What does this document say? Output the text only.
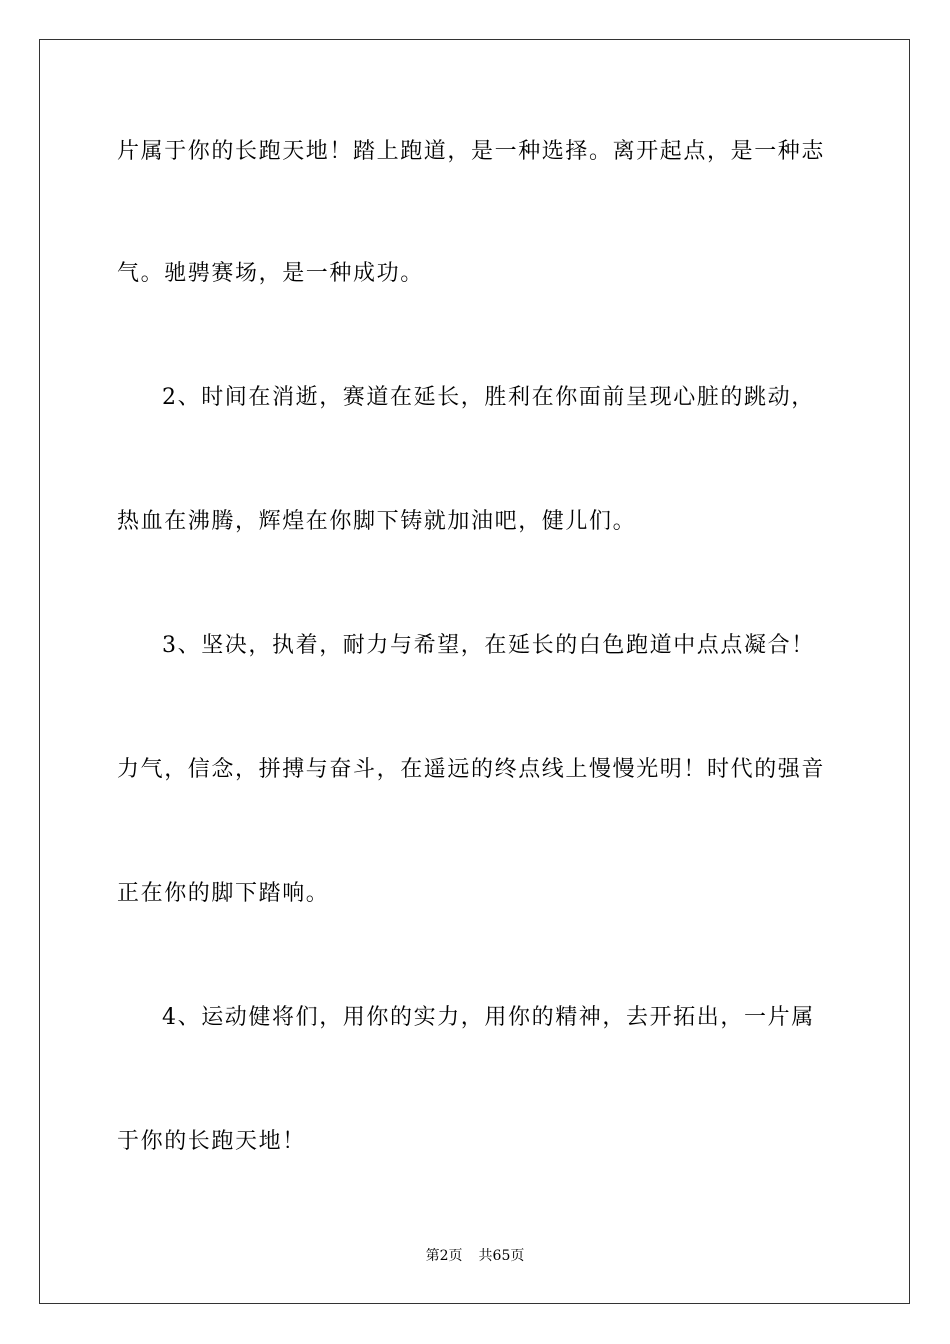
片属于你的长跑天地！踏上跑道，是一种选择。离开起点，是一种志
气。驰骋赛场，是一种成功。
2、时间在消逝，赛道在延长，胜利在你面前呈现心脏的跳动，
热血在沸腾，辉煌在你脚下铸就加油吧，健儿们。
3、坚决，执着，耐力与希望，在延长的白色跑道中点点凝合！
力气，信念，拼搏与奋斗，在遥远的终点线上慢慢光明！时代的强音
正在你的脚下踏响。
4、运动健将们，用你的实力，用你的精神，去开拓出，一片属
于你的长跑天地！
第2页 共65页
